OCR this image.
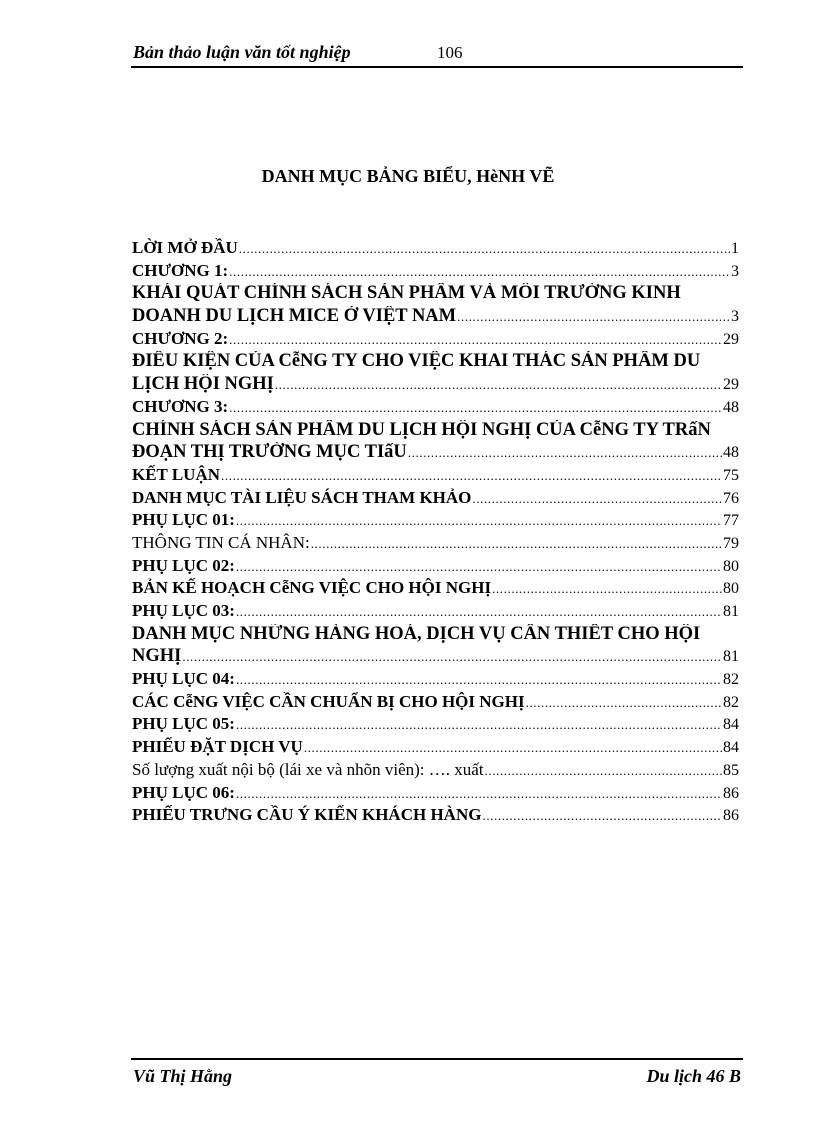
Bản thảo luận văn tốt nghiệp	106
DANH MỤC BẢNG BIỂU, HèNH VẼ
LỜI MỞ ĐẦU .....	1
CHƯƠNG 1: .....	3
KHÁI QUÁT CHÍNH SÁCH SẢN PHẨM VÀ MÔI TRƯỜNG KINH
DOANH DU LỊCH MICE Ở VIỆT NAM .....	3
CHƯƠNG 2: .....	29
ĐIỀU KIỆN CỦA CễNG TY CHO VIỆC KHAI THÁC SẢN PHẨM DU
LỊCH HỘI NGHỊ .....	29
CHƯƠNG 3: .....	48
CHÍNH SÁCH SẢN PHẨM DU LỊCH HỘI NGHỊ CỦA CễNG TY TRấN
ĐOẠN THỊ TRƯỜNG MỤC TIấU .....	48
KẾT LUẬN .....	75
DANH MỤC TÀI LIỆU SÁCH THAM KHẢO .....	76
PHỤ LỤC 01: .....	77
THÔNG TIN CÁ NHÂN: .....	79
PHỤ LỤC 02: .....	80
BẢN KẾ HOẠCH CễNG VIỆC CHO HỘI NGHỊ .....	80
PHỤ LỤC 03: .....	81
DANH MỤC NHỮNG HÀNG HOÁ, DỊCH VỤ CẦN THIẾT CHO HỘI
NGHỊ .....	81
PHỤ LỤC 04: .....	82
CÁC CễNG VIỆC CẦN CHUẨN BỊ CHO HỘI NGHỊ .....	82
PHỤ LỤC 05: .....	84
PHIẾU ĐẶT DỊCH VỤ .....	84
Số lượng xuất nội bộ (lái xe và nhõn viên): …. xuất .....	85
PHỤ LỤC 06: .....	86
PHIẾU TRƯNG CẦU Ý KIẾN KHÁCH HÀNG .....	86
Vũ Thị Hằng	Du lịch 46 B
